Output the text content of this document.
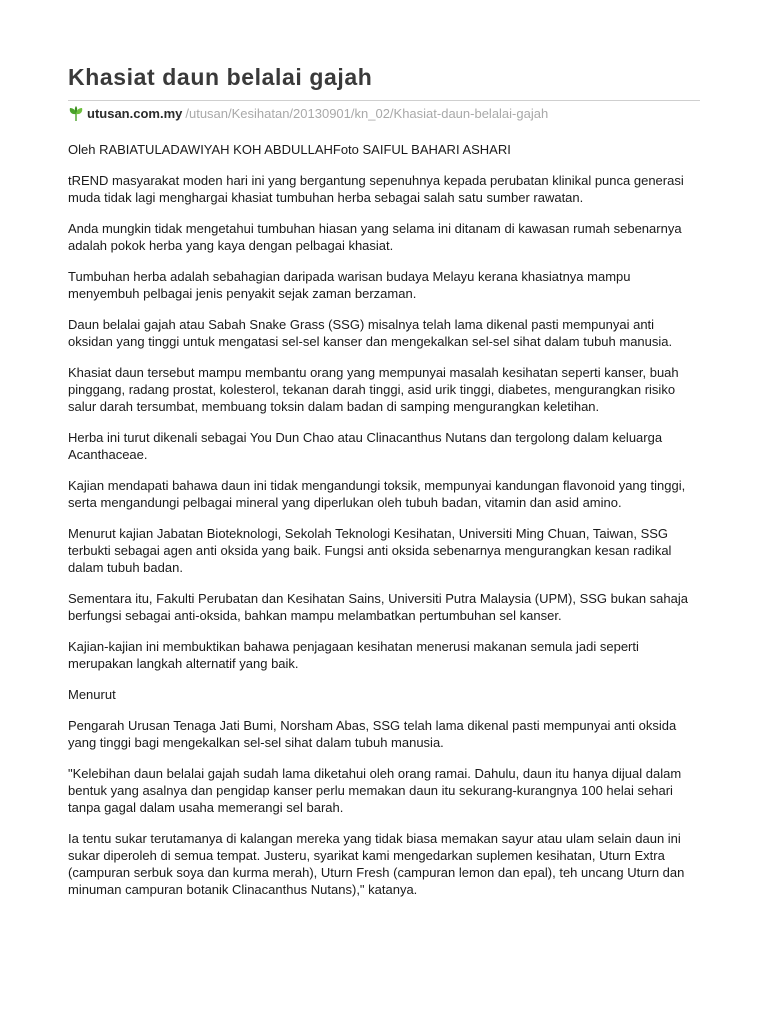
Khasiat daun belalai gajah
utusan.com.my /utusan/Kesihatan/20130901/kn_02/Khasiat-daun-belalai-gajah

Oleh RABIATULADAWIYAH KOH ABDULLAHFoto SAIFUL BAHARI ASHARI

tREND masyarakat moden hari ini yang bergantung sepenuhnya kepada perubatan klinikal punca generasi muda tidak lagi menghargai khasiat tumbuhan herba sebagai salah satu sumber rawatan.

Anda mungkin tidak mengetahui tumbuhan hiasan yang selama ini ditanam di kawasan rumah sebenarnya adalah pokok herba yang kaya dengan pelbagai khasiat.

Tumbuhan herba adalah sebahagian daripada warisan budaya Melayu kerana khasiatnya mampu menyembuh pelbagai jenis penyakit sejak zaman berzaman.

Daun belalai gajah atau Sabah Snake Grass (SSG) misalnya telah lama dikenal pasti mempunyai anti oksidan yang tinggi untuk mengatasi sel-sel kanser dan mengekalkan sel-sel sihat dalam tubuh manusia.

Khasiat daun tersebut mampu membantu orang yang mempunyai masalah kesihatan seperti kanser, buah pinggang, radang prostat, kolesterol, tekanan darah tinggi, asid urik tinggi, diabetes, mengurangkan risiko salur darah tersumbat, membuang toksin dalam badan di samping mengurangkan keletihan.

Herba ini turut dikenali sebagai You Dun Chao atau Clinacanthus Nutans dan tergolong dalam keluarga Acanthaceae.

Kajian mendapati bahawa daun ini tidak mengandungi toksik, mempunyai kandungan flavonoid yang tinggi, serta mengandungi pelbagai mineral yang diperlukan oleh tubuh badan, vitamin dan asid amino.

Menurut kajian Jabatan Bioteknologi, Sekolah Teknologi Kesihatan, Universiti Ming Chuan, Taiwan, SSG terbukti sebagai agen anti oksida yang baik. Fungsi anti oksida sebenarnya mengurangkan kesan radikal dalam tubuh badan.

Sementara itu, Fakulti Perubatan dan Kesihatan Sains, Universiti Putra Malaysia (UPM), SSG bukan sahaja berfungsi sebagai anti-oksida, bahkan mampu melambatkan pertumbuhan sel kanser.

Kajian-kajian ini membuktikan bahawa penjagaan kesihatan menerusi makanan semula jadi seperti merupakan langkah alternatif yang baik.

Menurut

Pengarah Urusan Tenaga Jati Bumi, Norsham Abas, SSG telah lama dikenal pasti mempunyai anti oksida yang tinggi bagi mengekalkan sel-sel sihat dalam tubuh manusia.

"Kelebihan daun belalai gajah sudah lama diketahui oleh orang ramai. Dahulu, daun itu hanya dijual dalam bentuk yang asalnya dan pengidap kanser perlu memakan daun itu sekurang-kurangnya 100 helai sehari tanpa gagal dalam usaha memerangi sel barah.

Ia tentu sukar terutamanya di kalangan mereka yang tidak biasa memakan sayur atau ulam selain daun ini sukar diperoleh di semua tempat. Justeru, syarikat kami mengedarkan suplemen kesihatan, Uturn Extra (campuran serbuk soya dan kurma merah), Uturn Fresh (campuran lemon dan epal), teh uncang Uturn dan minuman campuran botanik Clinacanthus Nutans)," katanya.
